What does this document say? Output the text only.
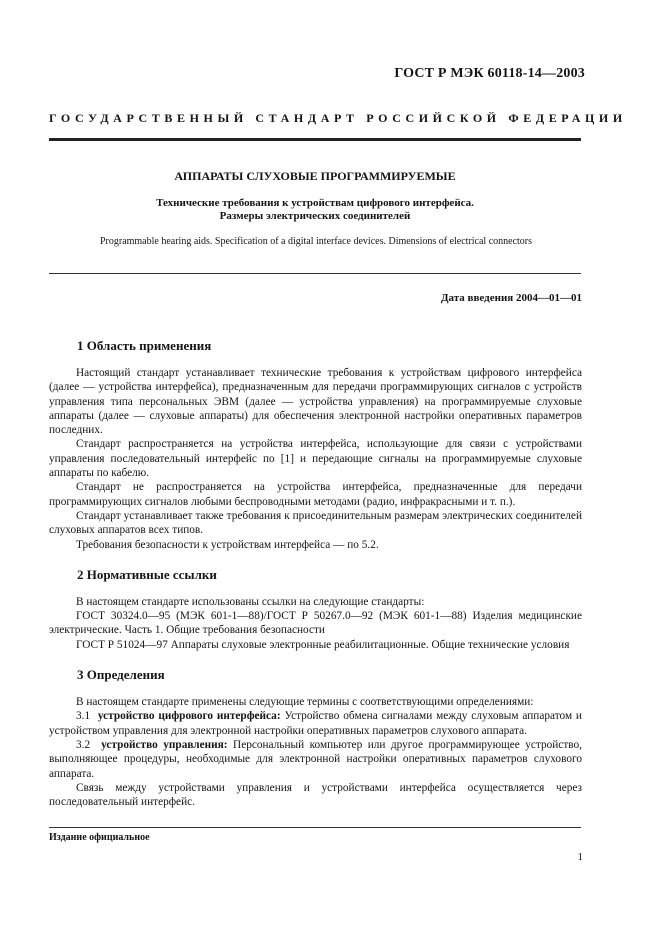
ГОСТ Р МЭК 60118-14—2003
ГОСУДАРСТВЕННЫЙ СТАНДАРТ РОССИЙСКОЙ ФЕДЕРАЦИИ
АППАРАТЫ СЛУХОВЫЕ ПРОГРАММИРУЕМЫЕ
Технические требования к устройствам цифрового интерфейса.
Размеры электрических соединителей
Programmable hearing aids. Specification of a digital interface devices. Dimensions of electrical connectors
Дата введения 2004—01—01
1 Область применения

Настоящий стандарт устанавливает технические требования к устройствам цифрового интерфейса (далее — устройства интерфейса), предназначенным для передачи программирующих сигналов с устройств управления типа персональных ЭВМ (далее — устройства управления) на программируемые слуховые аппараты (далее — слуховые аппараты) для обеспечения электронной настройки оперативных параметров последних.

Стандарт распространяется на устройства интерфейса, использующие для связи с устройствами управления последовательный интерфейс по [1] и передающие сигналы на программируемые слуховые аппараты по кабелю.

Стандарт не распространяется на устройства интерфейса, предназначенные для передачи программирующих сигналов любыми беспроводными методами (радио, инфракрасными и т. п.).

Стандарт устанавливает также требования к присоединительным размерам электрических соединителей слуховых аппаратов всех типов.

Требования безопасности к устройствам интерфейса — по 5.2.

2 Нормативные ссылки

В настоящем стандарте использованы ссылки на следующие стандарты:

ГОСТ 30324.0—95 (МЭК 601-1—88)/ГОСТ Р 50267.0—92 (МЭК 601-1—88) Изделия медицинские электрические. Часть 1. Общие требования безопасности

ГОСТ Р 51024—97 Аппараты слуховые электронные реабилитационные. Общие технические условия

3 Определения

В настоящем стандарте применены следующие термины с соответствующими определениями:

3.1 устройство цифрового интерфейса: Устройство обмена сигналами между слуховым аппаратом и устройством управления для электронной настройки оперативных параметров слухового аппарата.

3.2 устройство управления: Персональный компьютер или другое программирующее устройство, выполняющее процедуры, необходимые для электронной настройки оперативных параметров слухового аппарата.

Связь между устройствами управления и устройствами интерфейса осуществляется через последовательный интерфейс.

Издание официальное
1
